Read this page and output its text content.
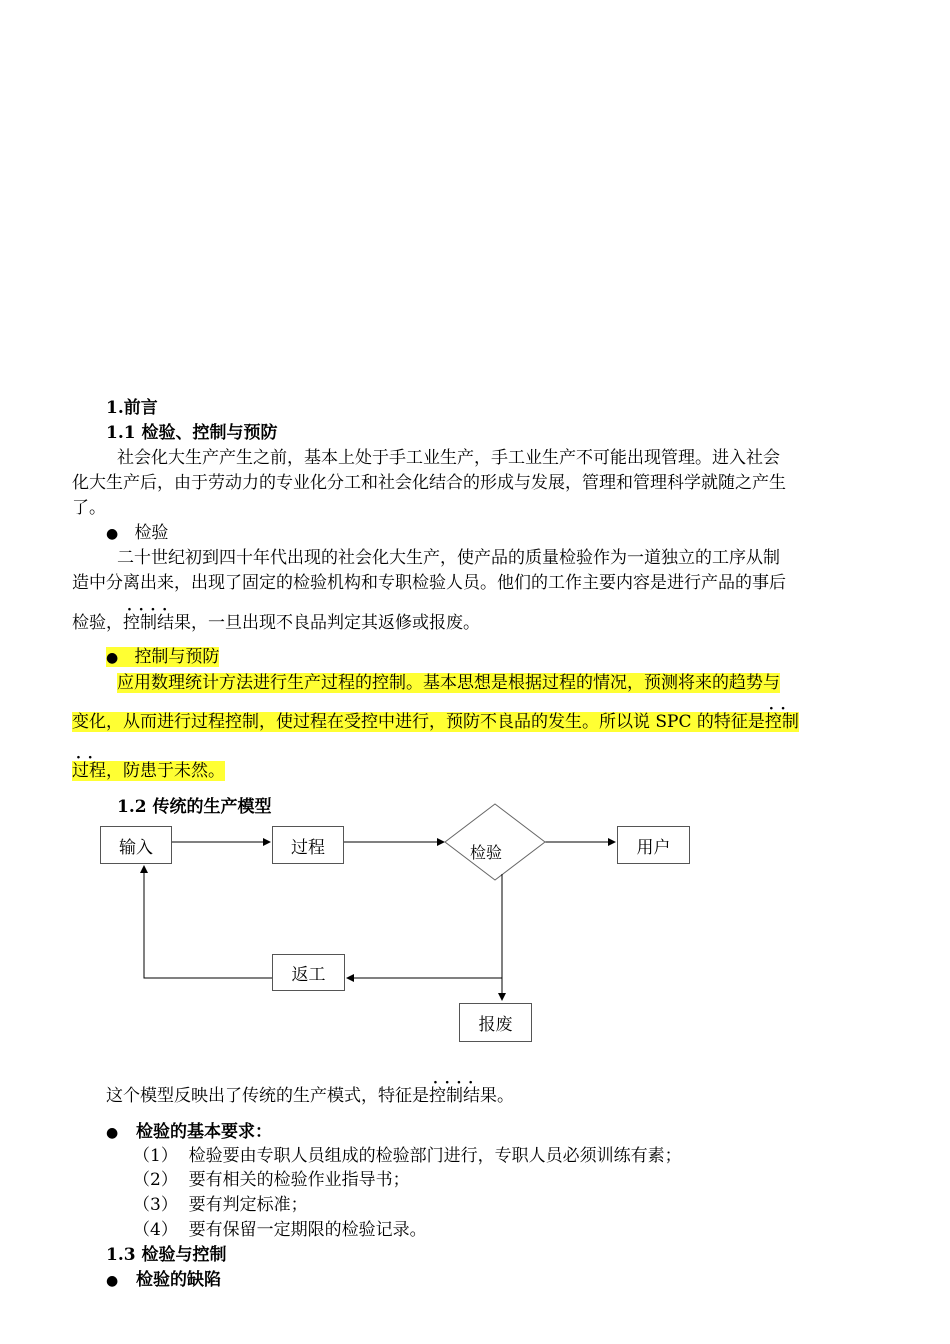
1.前言
1.1 检验、控制与预防
社会化大生产产生之前，基本上处于手工业生产，手工业生产不可能出现管理。进入社会
化大生产后，由于劳动力的专业化分工和社会化结合的形成与发展，管理和管理科学就随之产生
了。
● 检验
二十世纪初到四十年代出现的社会化大生产，使产品的质量检验作为一道独立的工序从制
造中分离出来，出现了固定的检验机构和专职检验人员。他们的工作主要内容是进行产品的事后
检验，· · 控制结果，一旦出现不良品判定其返修或报废。
● 控制与预防
应用数理统计方法进行生产过程的控制。基本思想是根据过程的情况，预测将来的趋势与
变化，从而进行过程控制，使过程在受控中进行，预防不良品的发生。所以说 SPC 的特征是· · 控制
· · 过程，防患于未然。
1.2 传统的生产模型
输入	过程	检验	用户
返工
报废
这个模型反映出了传统的生产模式，特征是· · 控制结果。
● 检验的基本要求：
（1） 检验要由专职人员组成的检验部门进行，专职人员必须训练有素；
（2） 要有相关的检验作业指导书；
（3） 要有判定标准；
（4） 要有保留一定期限的检验记录。
1.3 检验与控制
● 检验的缺陷
